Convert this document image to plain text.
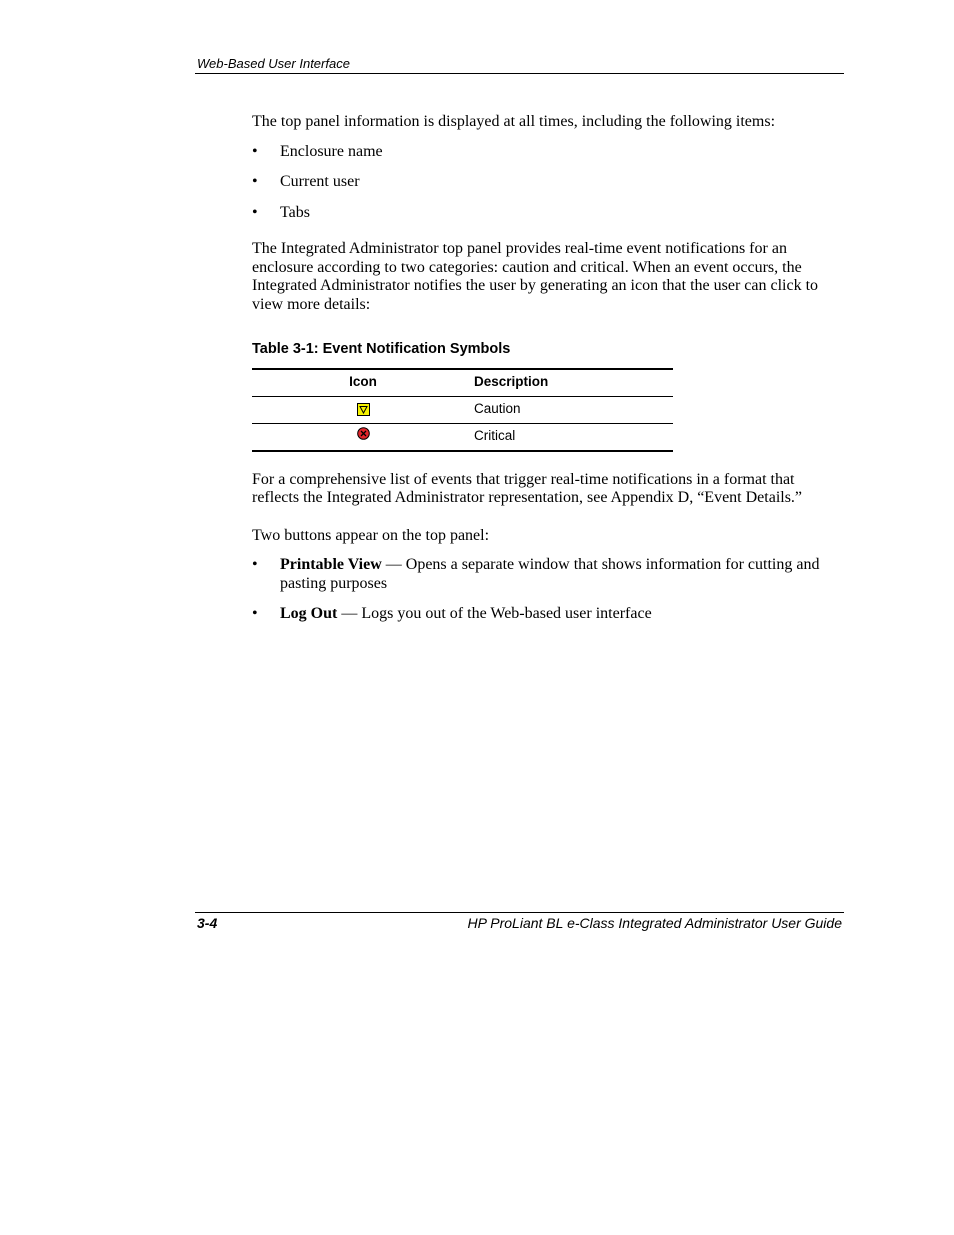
Web-Based User Interface

The top panel information is displayed at all times, including the following items:

• Enclosure name
• Current user
• Tabs

The Integrated Administrator top panel provides real-time event notifications for an enclosure according to two categories: caution and critical. When an event occurs, the Integrated Administrator notifies the user by generating an icon that the user can click to view more details:

Table 3-1: Event Notification Symbols
Icon	Description

	Caution
	Critical

For a comprehensive list of events that trigger real-time notifications in a format that reflects the Integrated Administrator representation, see Appendix D, “Event Details.”

Two buttons appear on the top panel:

• Printable View — Opens a separate window that shows information for cutting and pasting purposes
• Log Out — Logs you out of the Web-based user interface
3-4	HP ProLiant BL e-Class Integrated Administrator User Guide
